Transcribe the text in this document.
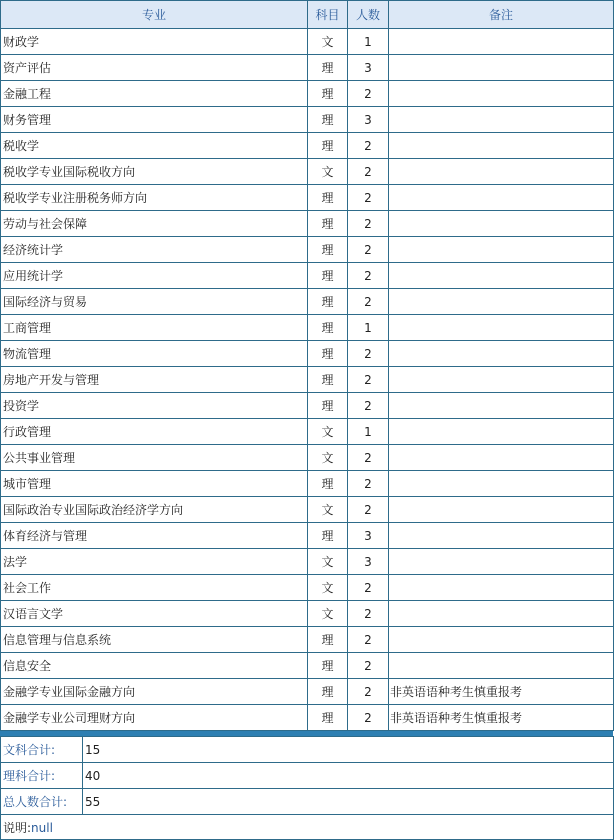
专业	科目	人数	备注
财政学	文	1	
资产评估	理	3	
金融工程	理	2	
财务管理	理	3	
税收学	理	2	
税收学专业国际税收方向	文	2	
税收学专业注册税务师方向	理	2	
劳动与社会保障	理	2	
经济统计学	理	2	
应用统计学	理	2	
国际经济与贸易	理	2	
工商管理	理	1	
物流管理	理	2	
房地产开发与管理	理	2	
投资学	理	2	
行政管理	文	1	
公共事业管理	文	2	
城市管理	理	2	
国际政治专业国际政治经济学方向	文	2	
体育经济与管理	理	3	
法学	文	3	
社会工作	文	2	
汉语言文学	文	2	
信息管理与信息系统	理	2	
信息安全	理	2	
金融学专业国际金融方向	理	2	非英语语种考生慎重报考
金融学专业公司理财方向	理	2	非英语语种考生慎重报考
文科合计:	15
理科合计:	40
总人数合计:	55
说明:null	
